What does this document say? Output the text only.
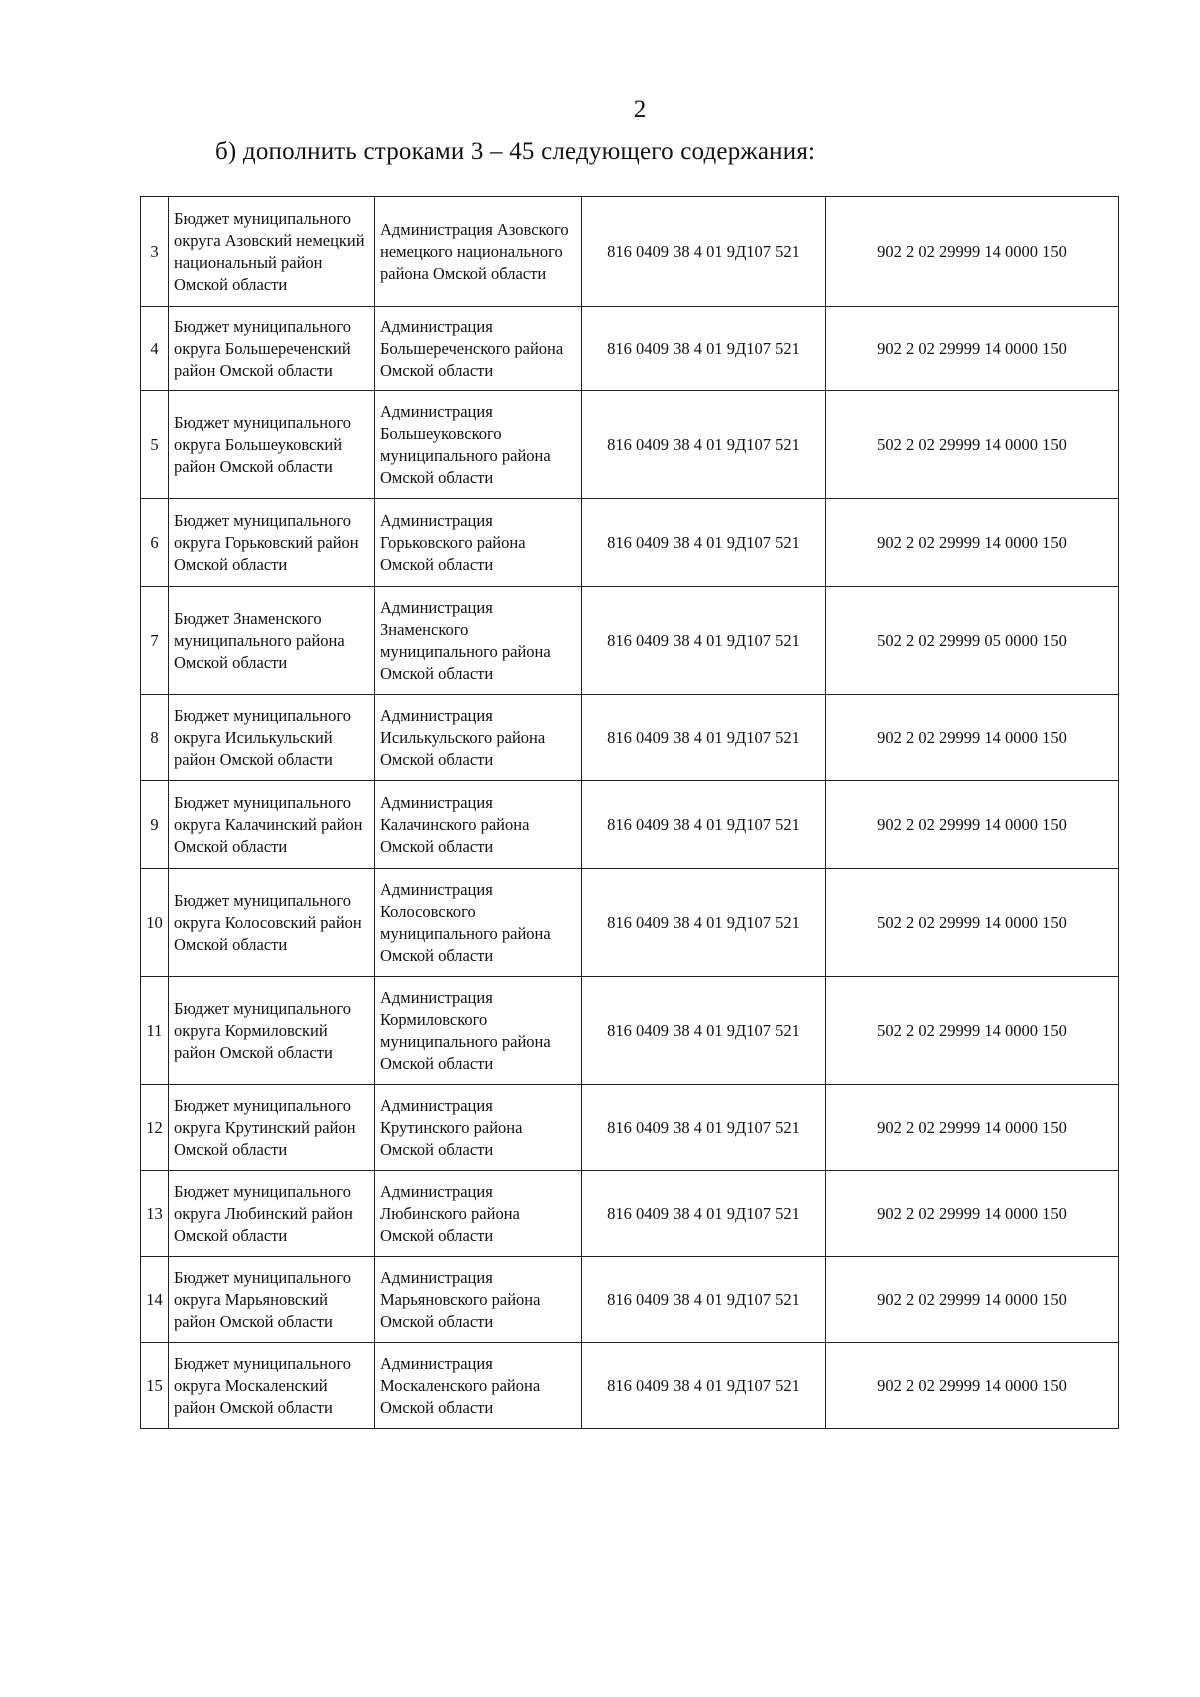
2
б) дополнить строками 3 – 45 следующего содержания:
3	Бюджет муниципального округа Азовский немецкий национальный район Омской области	Администрация Азовского немецкого национального района Омской области	816 0409 38 4 01 9Д107 521	902 2 02 29999 14 0000 150
4	Бюджет муниципального округа Большереченский район Омской области	Администрация Большереченского района Омской области	816 0409 38 4 01 9Д107 521	902 2 02 29999 14 0000 150
5	Бюджет муниципального округа Большеуковский район Омской области	Администрация Большеуковского муниципального района Омской области	816 0409 38 4 01 9Д107 521	502 2 02 29999 14 0000 150
6	Бюджет муниципального округа Горьковский район Омской области	Администрация Горьковского района Омской области	816 0409 38 4 01 9Д107 521	902 2 02 29999 14 0000 150
7	Бюджет Знаменского муниципального района Омской области	Администрация Знаменского муниципального района Омской области	816 0409 38 4 01 9Д107 521	502 2 02 29999 05 0000 150
8	Бюджет муниципального округа Исилькульский район Омской области	Администрация Исилькульского района Омской области	816 0409 38 4 01 9Д107 521	902 2 02 29999 14 0000 150
9	Бюджет муниципального округа Калачинский район Омской области	Администрация Калачинского района Омской области	816 0409 38 4 01 9Д107 521	902 2 02 29999 14 0000 150
10	Бюджет муниципального округа Колосовский район Омской области	Администрация Колосовского муниципального района Омской области	816 0409 38 4 01 9Д107 521	502 2 02 29999 14 0000 150
11	Бюджет муниципального округа Кормиловский район Омской области	Администрация Кормиловского муниципального района Омской области	816 0409 38 4 01 9Д107 521	502 2 02 29999 14 0000 150
12	Бюджет муниципального округа Крутинский район Омской области	Администрация Крутинского района Омской области	816 0409 38 4 01 9Д107 521	902 2 02 29999 14 0000 150
13	Бюджет муниципального округа Любинский район Омской области	Администрация Любинского района Омской области	816 0409 38 4 01 9Д107 521	902 2 02 29999 14 0000 150
14	Бюджет муниципального округа Марьяновский район Омской области	Администрация Марьяновского района Омской области	816 0409 38 4 01 9Д107 521	902 2 02 29999 14 0000 150
15	Бюджет муниципального округа Москаленский район Омской области	Администрация Москаленского района Омской области	816 0409 38 4 01 9Д107 521	902 2 02 29999 14 0000 150
